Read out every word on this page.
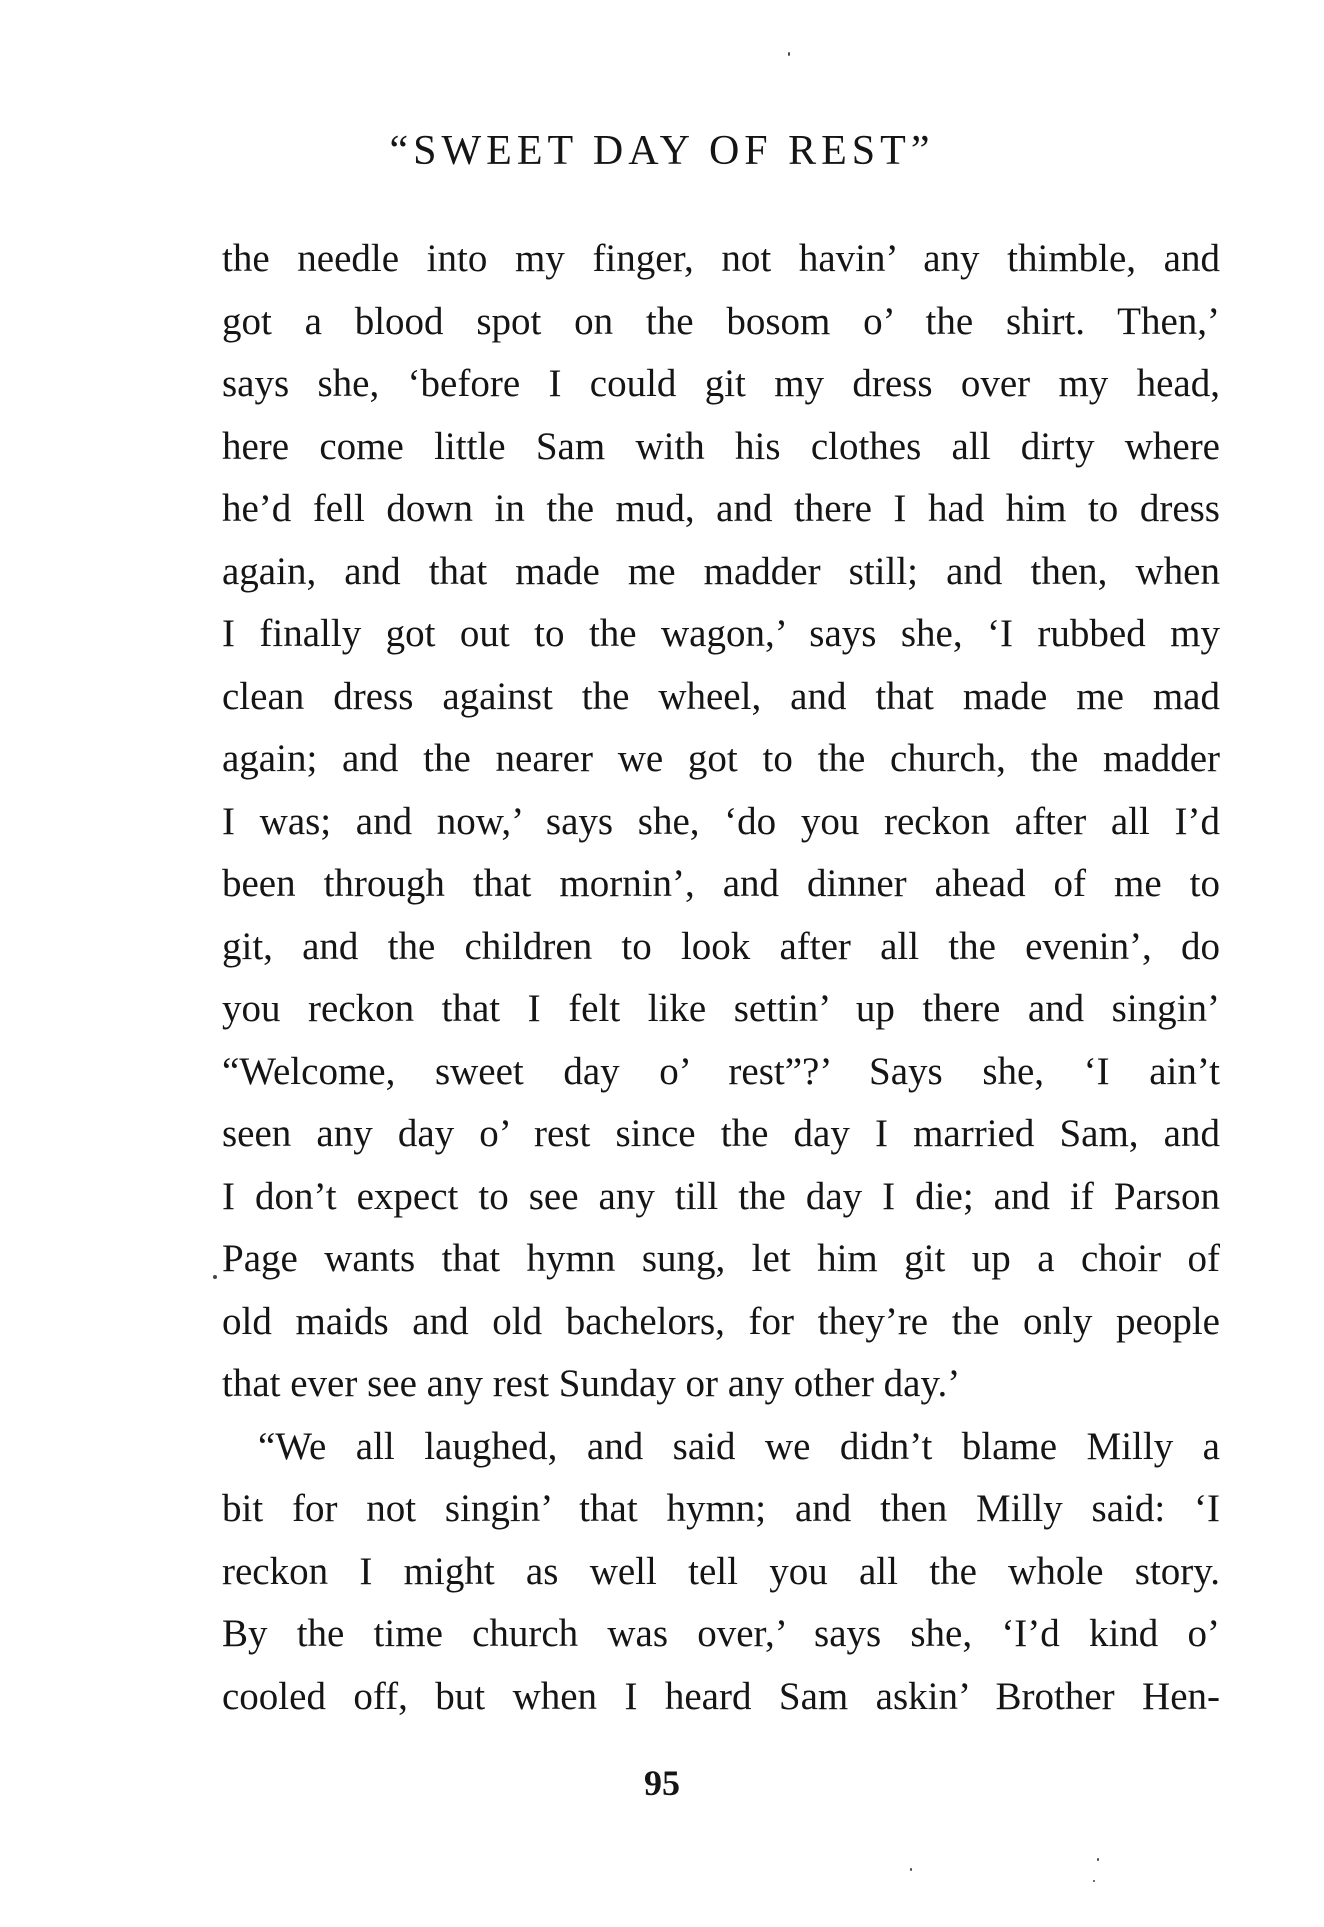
“SWEET DAY OF REST”
the needle into my finger, not havin’ any thimble, and
got a blood spot on the bosom o’ the shirt. Then,’
says she, ‘before I could git my dress over my head,
here come little Sam with his clothes all dirty where
he’d fell down in the mud, and there I had him to dress
again, and that made me madder still; and then, when
I finally got out to the wagon,’ says she, ‘I rubbed my
clean dress against the wheel, and that made me mad
again; and the nearer we got to the church, the madder
I was; and now,’ says she, ‘do you reckon after all I’d
been through that mornin’, and dinner ahead of me to
git, and the children to look after all the evenin’, do
you reckon that I felt like settin’ up there and singin’
“Welcome, sweet day o’ rest”?’ Says she, ‘I ain’t
seen any day o’ rest since the day I married Sam, and
I don’t expect to see any till the day I die; and if Parson
Page wants that hymn sung, let him git up a choir of
old maids and old bachelors, for they’re the only people
that ever see any rest Sunday or any other day.’
“We all laughed, and said we didn’t blame Milly a
bit for not singin’ that hymn; and then Milly said: ‘I
reckon I might as well tell you all the whole story.
By the time church was over,’ says she, ‘I’d kind o’
cooled off, but when I heard Sam askin’ Brother Hen-
95
